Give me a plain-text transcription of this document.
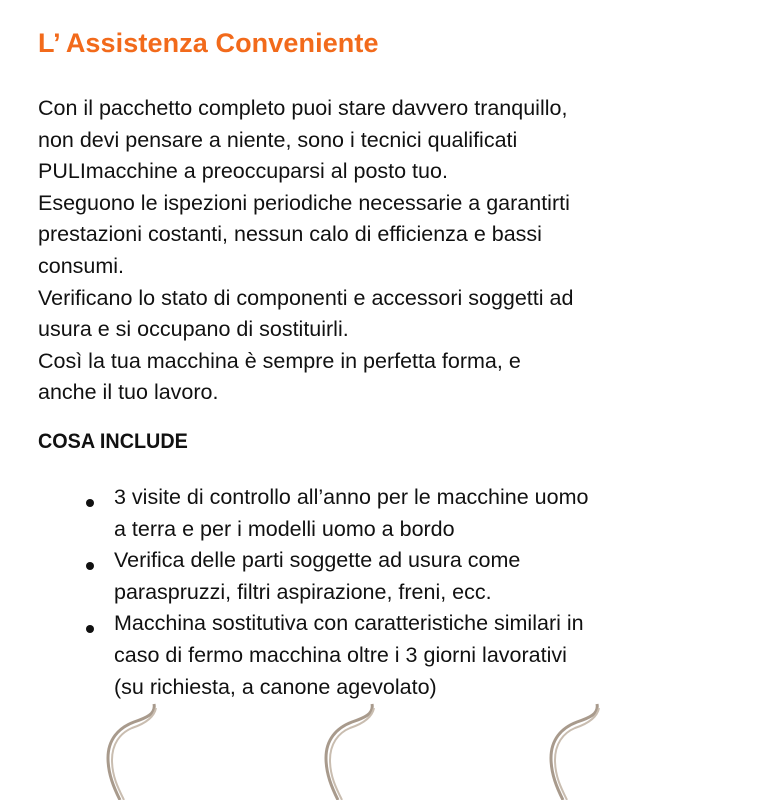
L’ Assistenza Conveniente
Con il pacchetto completo puoi stare davvero tranquillo,
non devi pensare a niente, sono i tecnici qualificati
PULImacchine a preoccuparsi al posto tuo.
Eseguono le ispezioni periodiche necessarie a garantirti
prestazioni costanti, nessun calo di efficienza e bassi
consumi.
Verificano lo stato di componenti e accessori soggetti ad
usura e si occupano di sostituirli.
Così la tua macchina è sempre in perfetta forma, e
anche il tuo lavoro.
COSA INCLUDE
3 visite di controllo all’anno per le macchine uomo
a terra e per i modelli uomo a bordo
Verifica delle parti soggette ad usura come
paraspruzzi, filtri aspirazione, freni, ecc.
Macchina sostitutiva con caratteristiche similari in
caso di fermo macchina oltre i 3 giorni lavorativi
(su richiesta, a canone agevolato)
